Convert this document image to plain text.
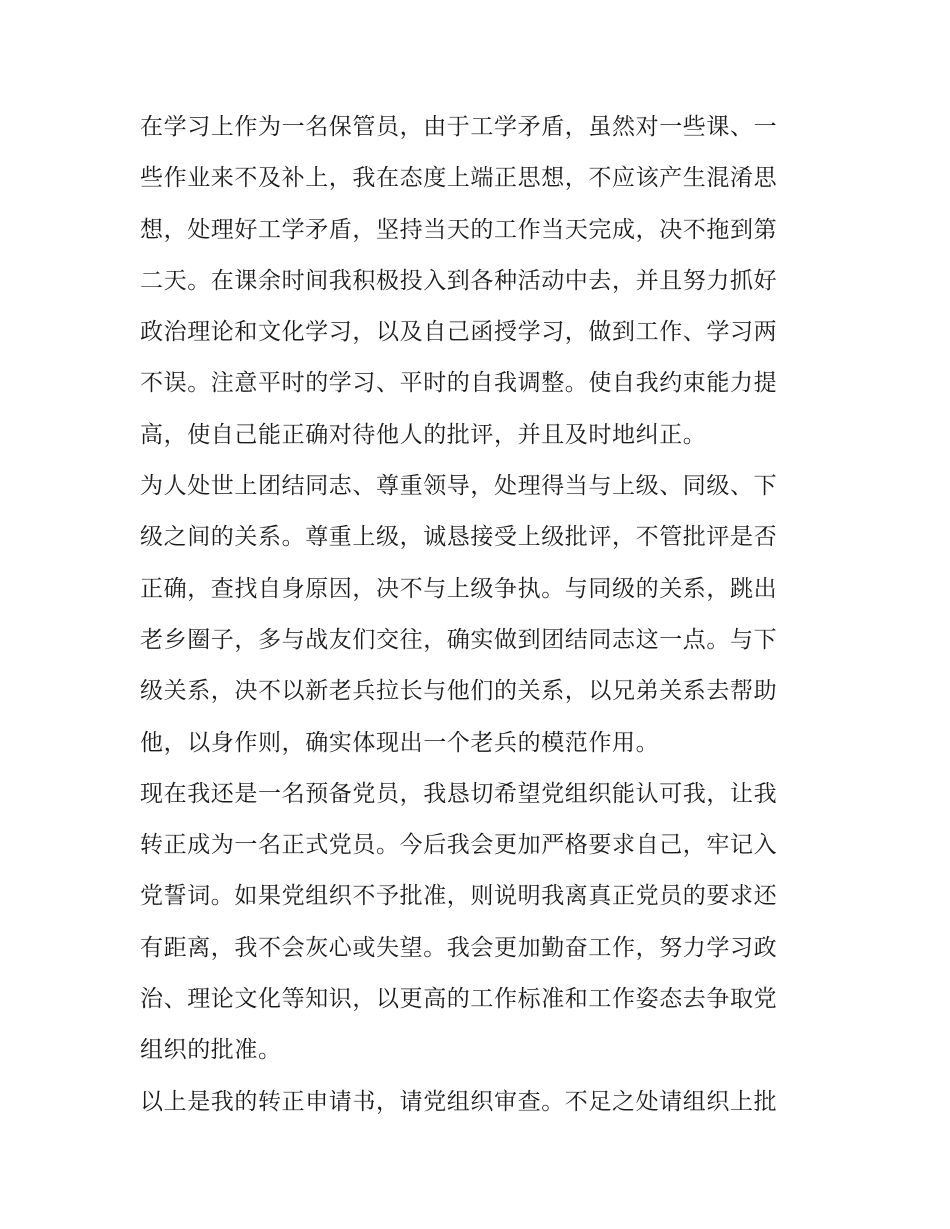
在学习上作为一名保管员，由于工学矛盾，虽然对一些课、一
些作业来不及补上，我在态度上端正思想，不应该产生混淆思
想，处理好工学矛盾，坚持当天的工作当天完成，决不拖到第
二天。在课余时间我积极投入到各种活动中去，并且努力抓好
政治理论和文化学习，以及自己函授学习，做到工作、学习两
不误。注意平时的学习、平时的自我调整。使自我约束能力提
高，使自己能正确对待他人的批评，并且及时地纠正。

为人处世上团结同志、尊重领导，处理得当与上级、同级、下
级之间的关系。尊重上级，诚恳接受上级批评，不管批评是否
正确，查找自身原因，决不与上级争执。与同级的关系，跳出
老乡圈子，多与战友们交往，确实做到团结同志这一点。与下
级关系，决不以新老兵拉长与他们的关系，以兄弟关系去帮助
他，以身作则，确实体现出一个老兵的模范作用。

现在我还是一名预备党员，我恳切希望党组织能认可我，让我
转正成为一名正式党员。今后我会更加严格要求自己，牢记入
党誓词。如果党组织不予批准，则说明我离真正党员的要求还
有距离，我不会灰心或失望。我会更加勤奋工作，努力学习政
治、理论文化等知识，以更高的工作标准和工作姿态去争取党
组织的批准。

以上是我的转正申请书，请党组织审查。不足之处请组织上批
